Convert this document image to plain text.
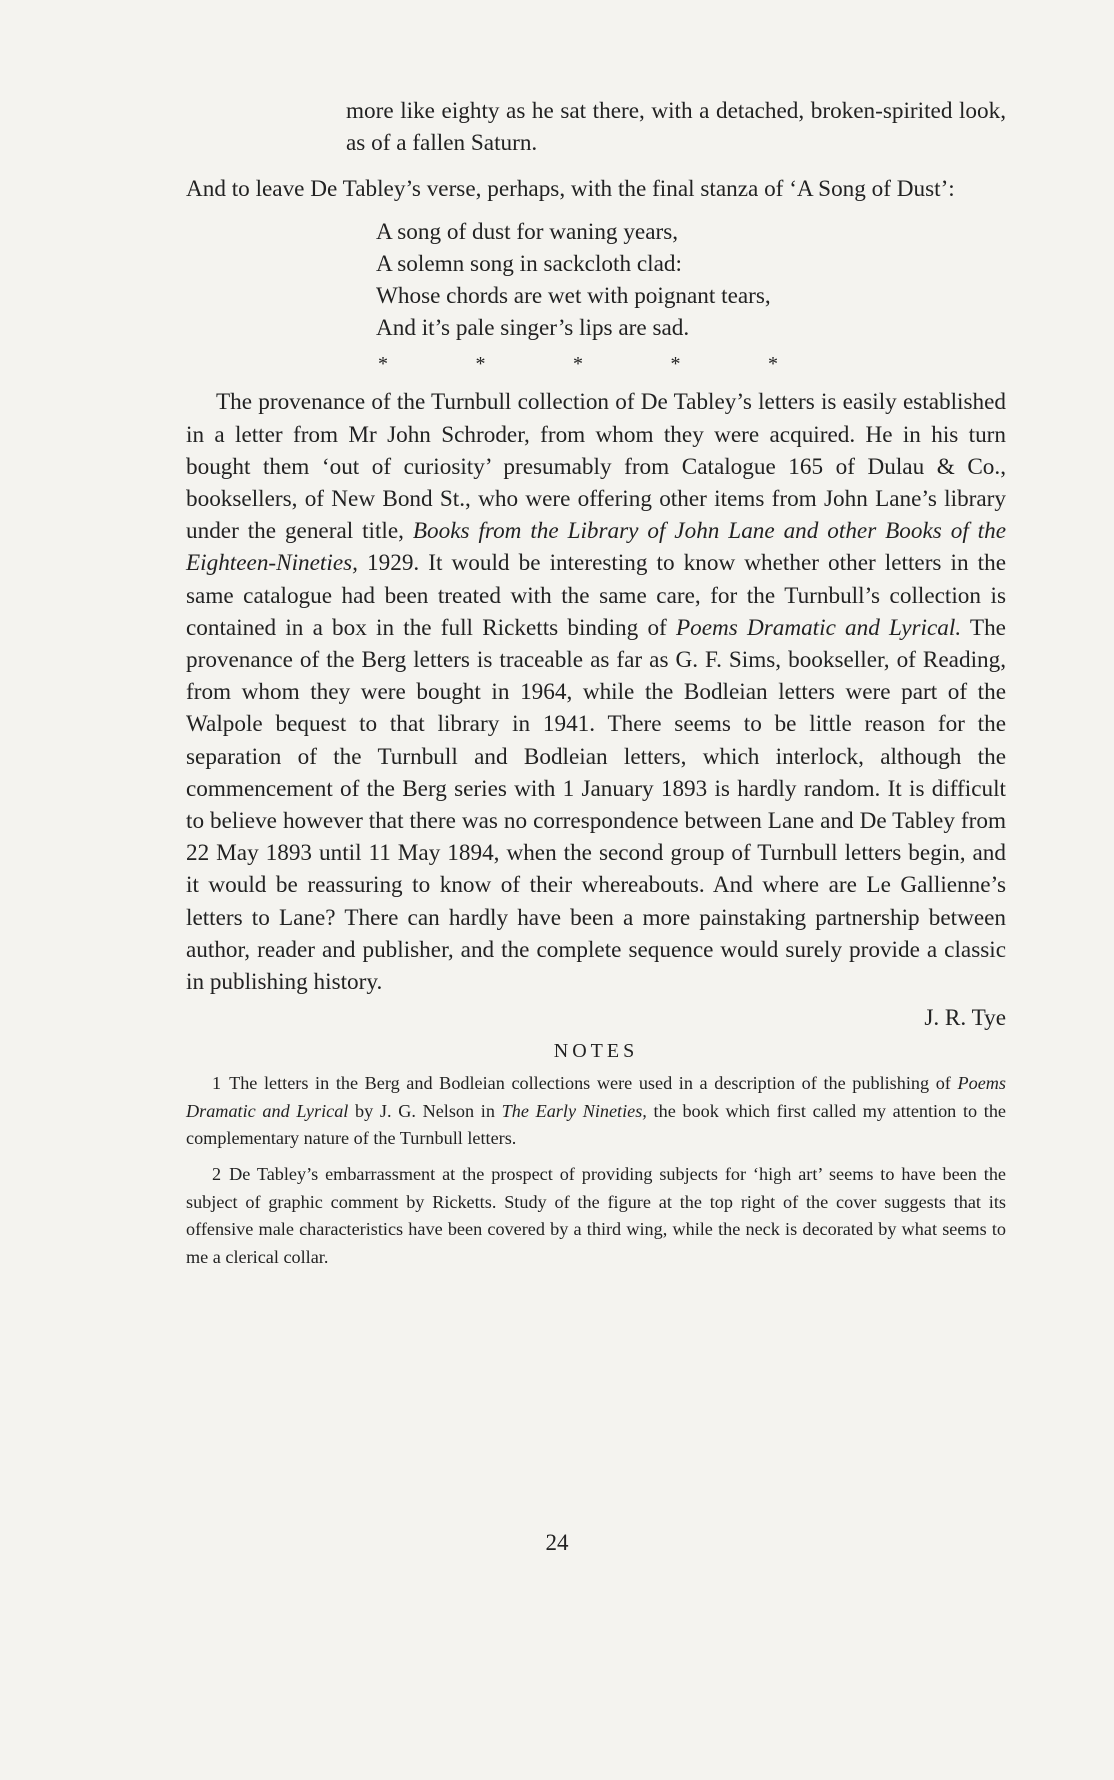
more like eighty as he sat there, with a detached, broken-spirited look, as of a fallen Saturn.

And to leave De Tabley’s verse, perhaps, with the final stanza of ‘A Song of Dust’:

A song of dust for waning years,
A solemn song in sackcloth clad:
Whose chords are wet with poignant tears,
And it’s pale singer’s lips are sad.
*	*	*	*	*

The provenance of the Turnbull collection of De Tabley’s letters is easily established in a letter from Mr John Schroder, from whom they were acquired. He in his turn bought them ‘out of curiosity’ presumably from Catalogue 165 of Dulau & Co., booksellers, of New Bond St., who were offering other items from John Lane’s library under the general title, Books from the Library of John Lane and other Books of the Eighteen-Nineties, 1929. It would be interesting to know whether other letters in the same catalogue had been treated with the same care, for the Turnbull’s collection is contained in a box in the full Ricketts binding of Poems Dramatic and Lyrical. The provenance of the Berg letters is traceable as far as G. F. Sims, bookseller, of Reading, from whom they were bought in 1964, while the Bodleian letters were part of the Walpole bequest to that library in 1941. There seems to be little reason for the separation of the Turnbull and Bodleian letters, which interlock, although the commencement of the Berg series with 1 January 1893 is hardly random. It is difficult to believe however that there was no correspondence between Lane and De Tabley from 22 May 1893 until 11 May 1894, when the second group of Turnbull letters begin, and it would be reassuring to know of their whereabouts. And where are Le Gallienne’s letters to Lane? There can hardly have been a more painstaking partnership between author, reader and publisher, and the complete sequence would surely provide a classic in publishing history.

J. R. Tye
NOTES

1 The letters in the Berg and Bodleian collections were used in a description of the publishing of Poems Dramatic and Lyrical by J. G. Nelson in The Early Nineties, the book which first called my attention to the complementary nature of the Turnbull letters.

2 De Tabley’s embarrassment at the prospect of providing subjects for ‘high art’ seems to have been the subject of graphic comment by Ricketts. Study of the figure at the top right of the cover suggests that its offensive male characteristics have been covered by a third wing, while the neck is decorated by what seems to me a clerical collar.

24
